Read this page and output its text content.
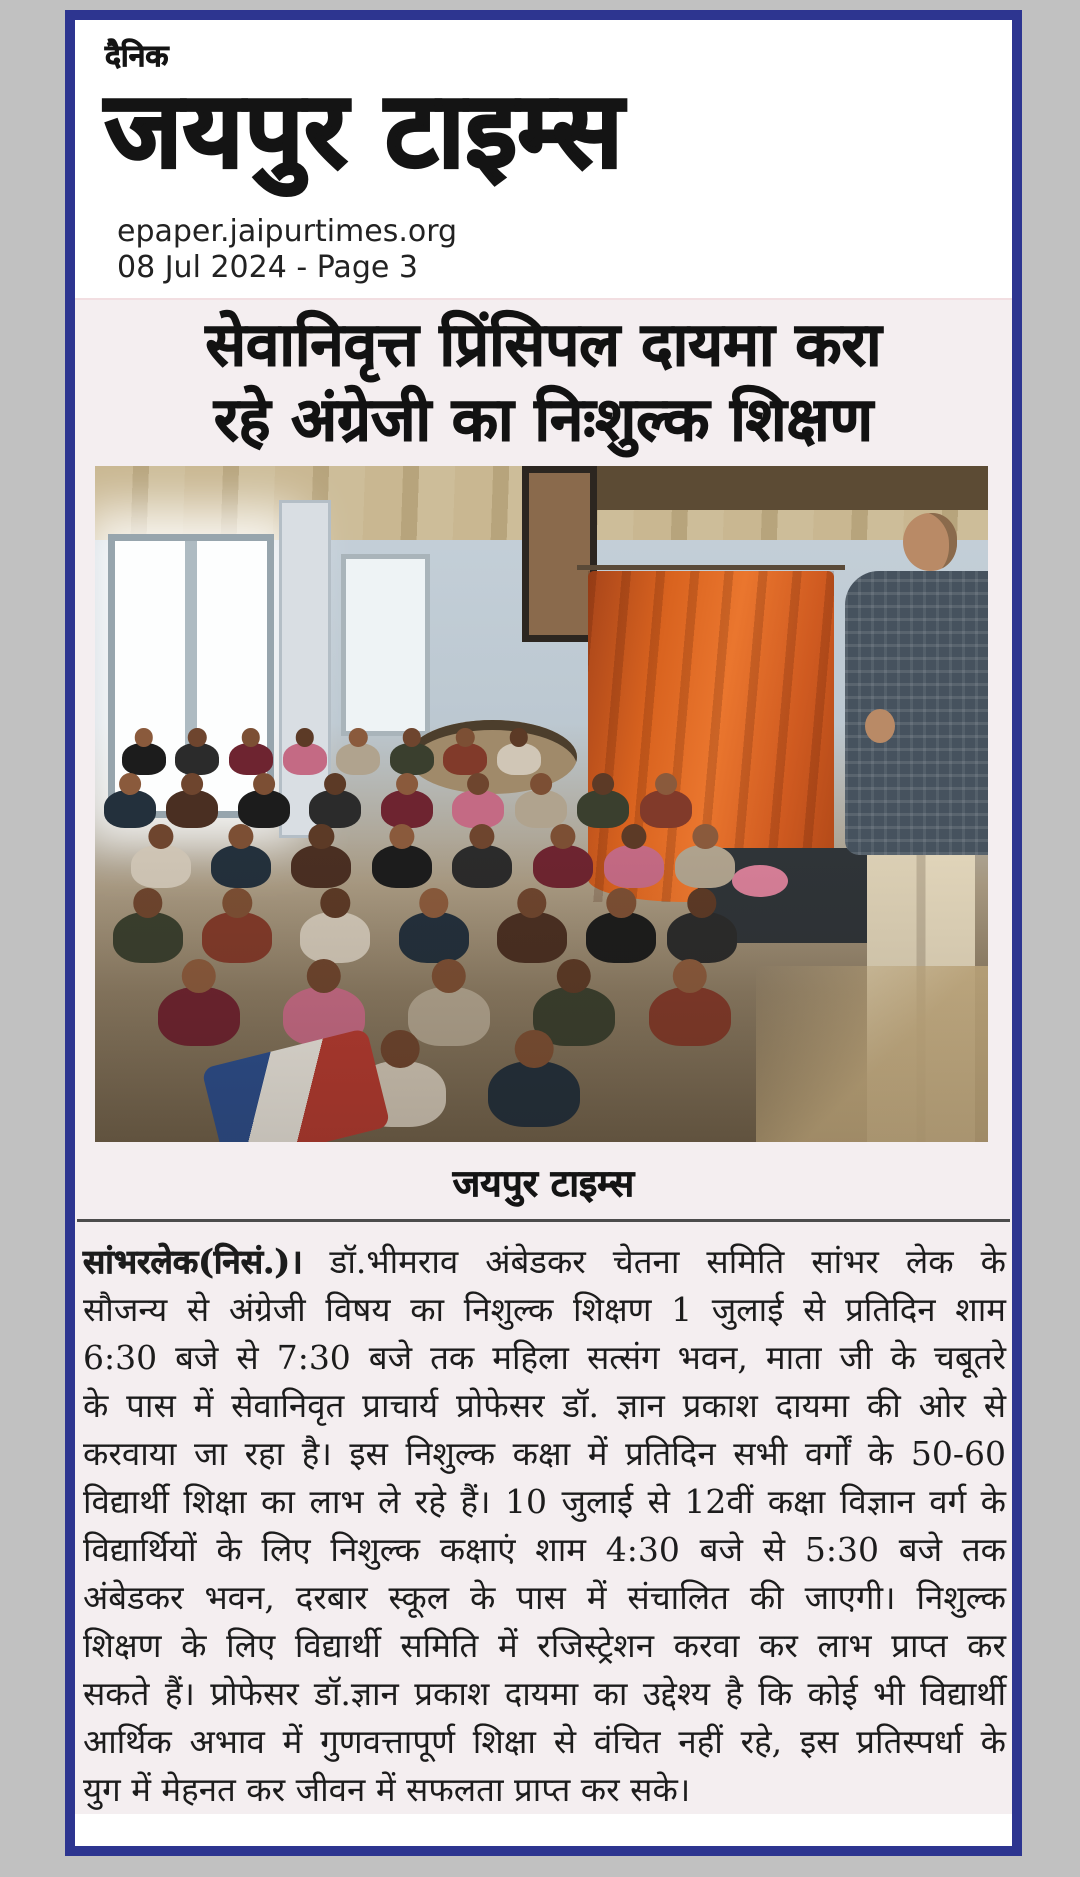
दैनिक
जयपुर टाइम्स
epaper.jaipurtimes.org
08 Jul 2024 - Page 3
सेवानिवृत्त प्रिंसिपल दायमा करा
रहे अंग्रेजी का निःशुल्क शिक्षण
जयपुर टाइम्स
सांभरलेक(निसं.)। डॉ.भीमराव अंबेडकर चेतना समिति सांभर लेक के
सौजन्य से अंग्रेजी विषय का निशुल्क शिक्षण 1 जुलाई से प्रतिदिन शाम
6:30 बजे से 7:30 बजे तक महिला सत्संग भवन, माता जी के चबूतरे
के पास में सेवानिवृत प्राचार्य प्रोफेसर डॉ. ज्ञान प्रकाश दायमा की ओर से
करवाया जा रहा है। इस निशुल्क कक्षा में प्रतिदिन सभी वर्गों के 50-60
विद्यार्थी शिक्षा का लाभ ले रहे हैं। 10 जुलाई से 12वीं कक्षा विज्ञान वर्ग के
विद्यार्थियों के लिए निशुल्क कक्षाएं शाम 4:30 बजे से 5:30 बजे तक
अंबेडकर भवन, दरबार स्कूल के पास में संचालित की जाएगी। निशुल्क
शिक्षण के लिए विद्यार्थी समिति में रजिस्ट्रेशन करवा कर लाभ प्राप्त कर
सकते हैं। प्रोफेसर डॉ.ज्ञान प्रकाश दायमा का उद्देश्य है कि कोई भी विद्यार्थी
आर्थिक अभाव में गुणवत्तापूर्ण शिक्षा से वंचित नहीं रहे, इस प्रतिस्पर्धा के
युग में मेहनत कर जीवन में सफलता प्राप्त कर सके।
